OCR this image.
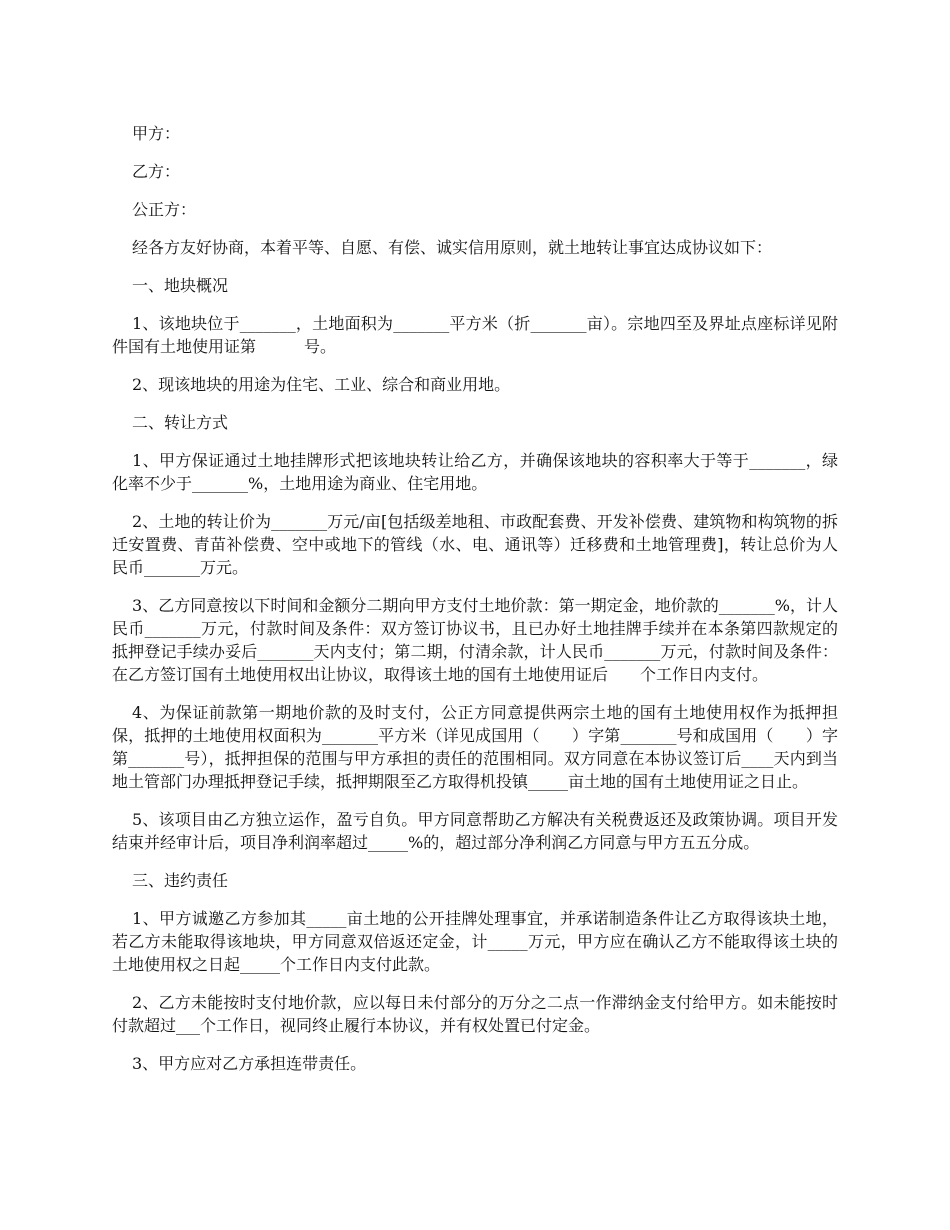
甲方：

乙方：

公正方：

经各方友好协商，本着平等、自愿、有偿、诚实信用原则，就土地转让事宜达成协议如下：

一、地块概况

1、该地块位于_______，土地面积为_______平方米（折_______亩）。宗地四至及界址点座标详见附件国有土地使用证第　　　号。

2、现该地块的用途为住宅、工业、综合和商业用地。

二、转让方式

1、甲方保证通过土地挂牌形式把该地块转让给乙方，并确保该地块的容积率大于等于_______，绿化率不少于_______%，土地用途为商业、住宅用地。

2、土地的转让价为_______万元/亩[包括级差地租、市政配套费、开发补偿费、建筑物和构筑物的拆迁安置费、青苗补偿费、空中或地下的管线（水、电、通讯等）迁移费和土地管理费]，转让总价为人民币_______万元。

3、乙方同意按以下时间和金额分二期向甲方支付土地价款：第一期定金，地价款的_______%，计人民币_______万元，付款时间及条件：双方签订协议书，且已办好土地挂牌手续并在本条第四款规定的抵押登记手续办妥后_______天内支付；第二期，付清余款，计人民币_______万元，付款时间及条件：在乙方签订国有土地使用权出让协议，取得该土地的国有土地使用证后　　个工作日内支付。

4、为保证前款第一期地价款的及时支付，公正方同意提供两宗土地的国有土地使用权作为抵押担保，抵押的土地使用权面积为_______平方米（详见成国用（　　）字第_______号和成国用（　　）字第_______号），抵押担保的范围与甲方承担的责任的范围相同。双方同意在本协议签订后____天内到当地土管部门办理抵押登记手续，抵押期限至乙方取得机投镇_____亩土地的国有土地使用证之日止。

5、该项目由乙方独立运作，盈亏自负。甲方同意帮助乙方解决有关税费返还及政策协调。项目开发结束并经审计后，项目净利润率超过_____%的，超过部分净利润乙方同意与甲方五五分成。

三、违约责任

1、甲方诚邀乙方参加其_____亩土地的公开挂牌处理事宜，并承诺制造条件让乙方取得该块土地，若乙方未能取得该地块，甲方同意双倍返还定金，计_____万元，甲方应在确认乙方不能取得该土块的土地使用权之日起_____个工作日内支付此款。

2、乙方未能按时支付地价款，应以每日未付部分的万分之二点一作滞纳金支付给甲方。如未能按时付款超过___个工作日，视同终止履行本协议，并有权处置已付定金。

3、甲方应对乙方承担连带责任。
